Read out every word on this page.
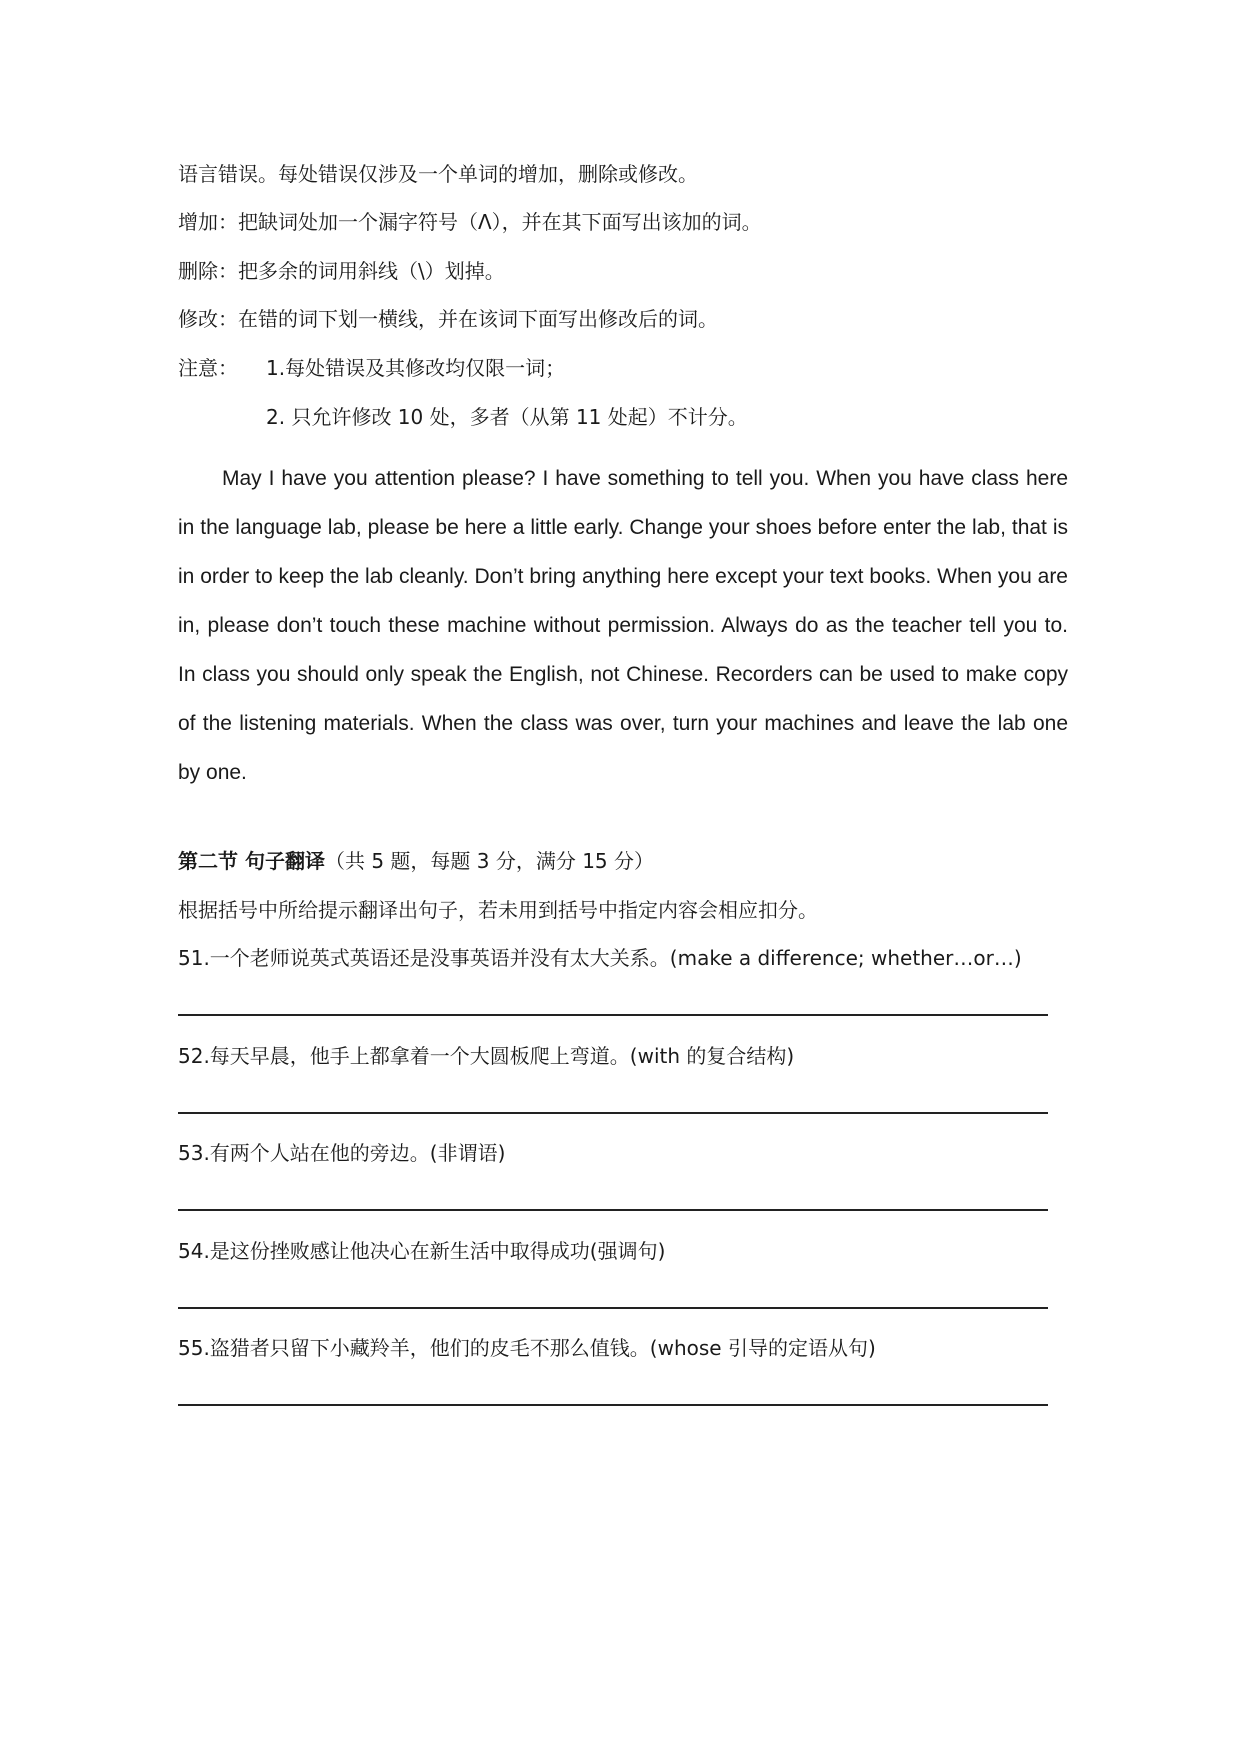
语言错误。每处错误仅涉及一个单词的增加，删除或修改。
增加：把缺词处加一个漏字符号（Λ），并在其下面写出该加的词。
删除：把多余的词用斜线（\）划掉。
修改：在错的词下划一横线，并在该词下面写出修改后的词。
注意： 1.每处错误及其修改均仅限一词；
2. 只允许修改 10 处，多者（从第 11 处起）不计分。

May I have you attention please? I have something to tell you. When you have class here in the language lab, please be here a little early. Change your shoes before enter the lab, that is in order to keep the lab cleanly. Don’t bring anything here except your text books. When you are in, please don’t touch these machine without permission. Always do as the teacher tell you to. In class you should only speak the English, not Chinese. Recorders can be used to make copy of the listening materials. When the class was over, turn your machines and leave the lab one by one.

第二节 句子翻译（共 5 题，每题 3 分，满分 15 分）
根据括号中所给提示翻译出句子，若未用到括号中指定内容会相应扣分。
51.一个老师说英式英语还是没事英语并没有太大关系。(make a difference; whether…or…)
52.每天早晨，他手上都拿着一个大圆板爬上弯道。(with 的复合结构)
53.有两个人站在他的旁边。(非谓语)
54.是这份挫败感让他决心在新生活中取得成功(强调句)
55.盗猎者只留下小藏羚羊，他们的皮毛不那么值钱。(whose 引导的定语从句)
